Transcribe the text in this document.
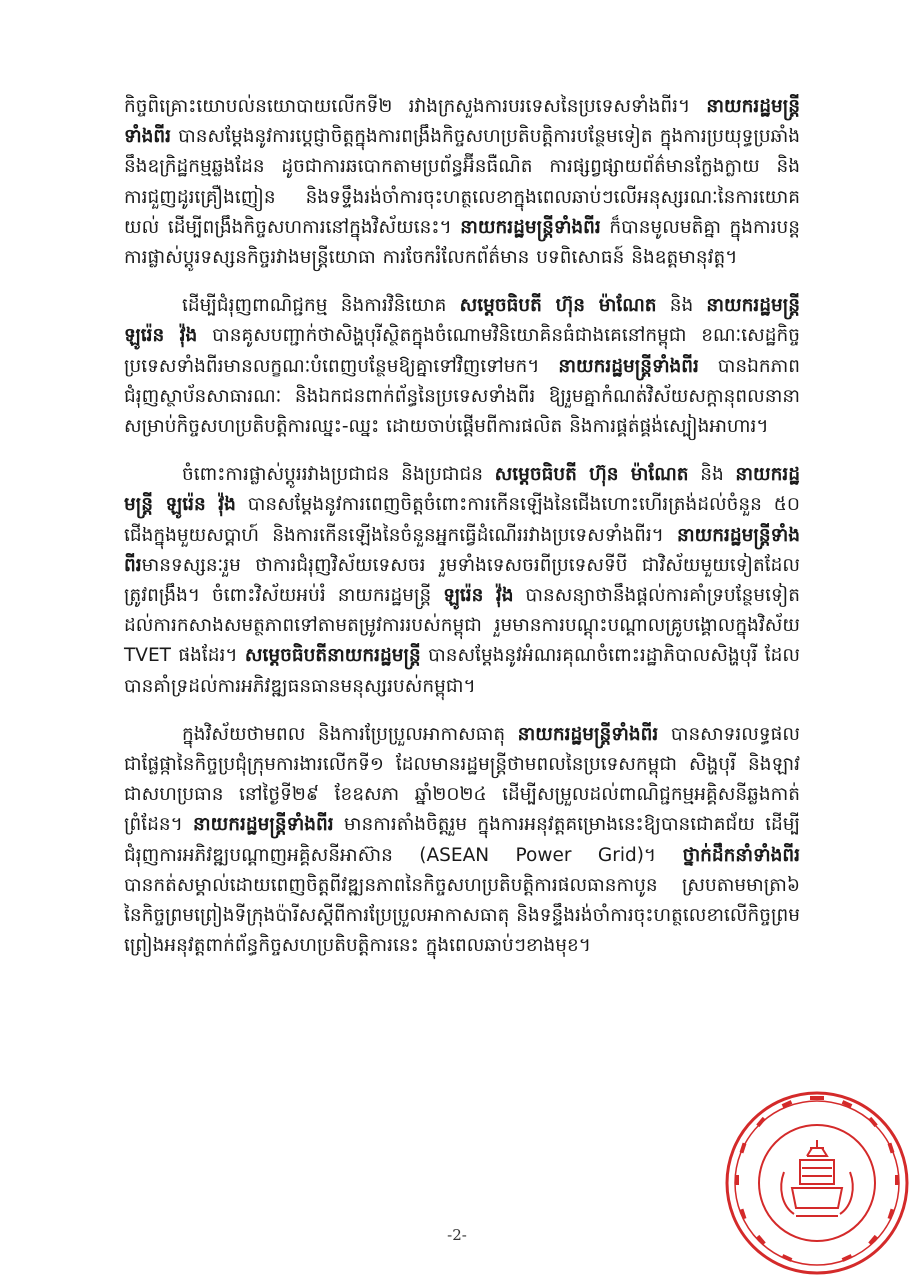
កិច្ចពិគ្រោះយោបល់នយោបាយលើកទី២ រវាងក្រសួងការបរទេសនៃប្រទេសទាំងពីរ។ នាយករដ្ឋមន្ត្រីទាំងពីរ បានសម្តែងនូវការប្តេជ្ញាចិត្តក្នុងការពង្រឹងកិច្ចសហប្រតិបត្តិការបន្ថែមទៀត ក្នុងការប្រយុទ្ធប្រឆាំងនឹងឧក្រិដ្ឋកម្មឆ្លងដែន ដូចជាការឆបោកតាមប្រព័ន្ធអ៊ីនធឺណិត ការផ្សព្វផ្សាយព័ត៌មានក្លែងក្លាយ និងការជួញដូរគ្រឿងញៀន និងទទ្ទឹងរង់ចាំការចុះហត្ថលេខាក្នុងពេលឆាប់ៗលើអនុស្សរណៈនៃការយោគយល់ ដើម្បីពង្រឹងកិច្ចសហការនៅក្នុងវិស័យនេះ។ នាយករដ្ឋមន្ត្រីទាំងពីរ ក៏បានមូលមតិគ្នា ក្នុងការបន្តការផ្លាស់ប្តូរទស្សនកិច្ចរវាងមន្ត្រីយោធា ការចែករំលែកព័ត៌មាន បទពិសោធន៍ និងឧត្តមានុវត្ត។

ដើម្បីជំរុញពាណិជ្ជកម្ម និងការវិនិយោគ សម្តេចធិបតី ហ៊ុន ម៉ាណែត និង នាយករដ្ឋមន្ត្រី ឡូរ៉េន វ៉ុង បានគូសបញ្ជាក់ថាសិង្ហបុរីស្ថិតក្នុងចំណោមវិនិយោគិនធំជាងគេនៅកម្ពុជា ខណៈសេដ្ឋកិច្ចប្រទេសទាំងពីរមានលក្ខណៈបំពេញបន្ថែមឱ្យគ្នាទៅវិញទៅមក។ នាយករដ្ឋមន្ត្រីទាំងពីរ បានឯកភាពជំរុញស្ថាប័នសាធារណៈ និងឯកជនពាក់ព័ន្ធនៃប្រទេសទាំងពីរ ឱ្យរួមគ្នាកំណត់វិស័យសក្តានុពលនានាសម្រាប់កិច្ចសហប្រតិបត្តិការឈ្នះ-ឈ្នះ ដោយចាប់ផ្តើមពីការផលិត និងការផ្គត់ផ្គង់ស្បៀងអាហារ។

ចំពោះការផ្លាស់ប្តូររវាងប្រជាជន និងប្រជាជន សម្តេចធិបតី ហ៊ុន ម៉ាណែត និង នាយករដ្ឋមន្ត្រី ឡូរ៉េន វ៉ុង បានសម្តែងនូវការពេញចិត្តចំពោះការកើនឡើងនៃជើងហោះហើរត្រង់ដល់ចំនួន ៥០ ជើងក្នុងមួយសប្តាហ៍ និងការកើនឡើងនៃចំនួនអ្នកធ្វើដំណើររវាងប្រទេសទាំងពីរ។ នាយករដ្ឋមន្ត្រីទាំងពីរមានទស្សនៈរួម ថាការជំរុញវិស័យទេសចរ រួមទាំងទេសចរពីប្រទេសទីបី ជាវិស័យមួយទៀតដែលត្រូវពង្រឹង។ ចំពោះវិស័យអប់រំ នាយករដ្ឋមន្ត្រី ឡូរ៉េន វ៉ុង បានសន្យាថានឹងផ្តល់ការគាំទ្របន្ថែមទៀតដល់ការកសាងសមត្ថភាពទៅតាមតម្រូវការរបស់កម្ពុជា រួមមានការបណ្តុះបណ្តាលគ្រូបង្គោលក្នុងវិស័យ TVET ផងដែរ។ សម្តេចធិបតីនាយករដ្ឋមន្ត្រី បានសម្តែងនូវអំណរគុណចំពោះរដ្ឋាភិបាលសិង្ហបុរី ដែលបានគាំទ្រដល់ការអភិវឌ្ឍធនធានមនុស្សរបស់កម្ពុជា។

ក្នុងវិស័យថាមពល និងការប្រែប្រួលអាកាសធាតុ នាយករដ្ឋមន្ត្រីទាំងពីរ បានសាទរលទ្ធផលជាផ្លែផ្កានៃកិច្ចប្រជុំក្រុមការងារលើកទី១ ដែលមានរដ្ឋមន្ត្រីថាមពលនៃប្រទេសកម្ពុជា សិង្ហបុរី និងឡាវ ជាសហប្រធាន នៅថ្ងៃទី២៩ ខែឧសភា ឆ្នាំ២០២៤ ដើម្បីសម្រួលដល់ពាណិជ្ជកម្មអគ្គិសនីឆ្លងកាត់ព្រំដែន។ នាយករដ្ឋមន្ត្រីទាំងពីរ មានការតាំងចិត្តរួម ក្នុងការអនុវត្តគម្រោងនេះឱ្យបានជោគជ័យ ដើម្បីជំរុញការអភិវឌ្ឍបណ្តាញអគ្គិសនីអាស៊ាន (ASEAN Power Grid)។ ថ្នាក់ដឹកនាំទាំងពីរ បានកត់សម្គាល់ដោយពេញចិត្តពីវឌ្ឍនភាពនៃកិច្ចសហប្រតិបត្តិការផលធានកាបូន ស្របតាមមាត្រា៦ នៃកិច្ចព្រមព្រៀងទីក្រុងប៉ារីសស្តីពីការប្រែប្រួលអាកាសធាតុ និងទន្ទឹងរង់ចាំការចុះហត្ថលេខាលើកិច្ចព្រមព្រៀងអនុវត្តពាក់ព័ន្ធកិច្ចសហប្រតិបត្តិការនេះ ក្នុងពេលឆាប់ៗខាងមុខ។

-2-
